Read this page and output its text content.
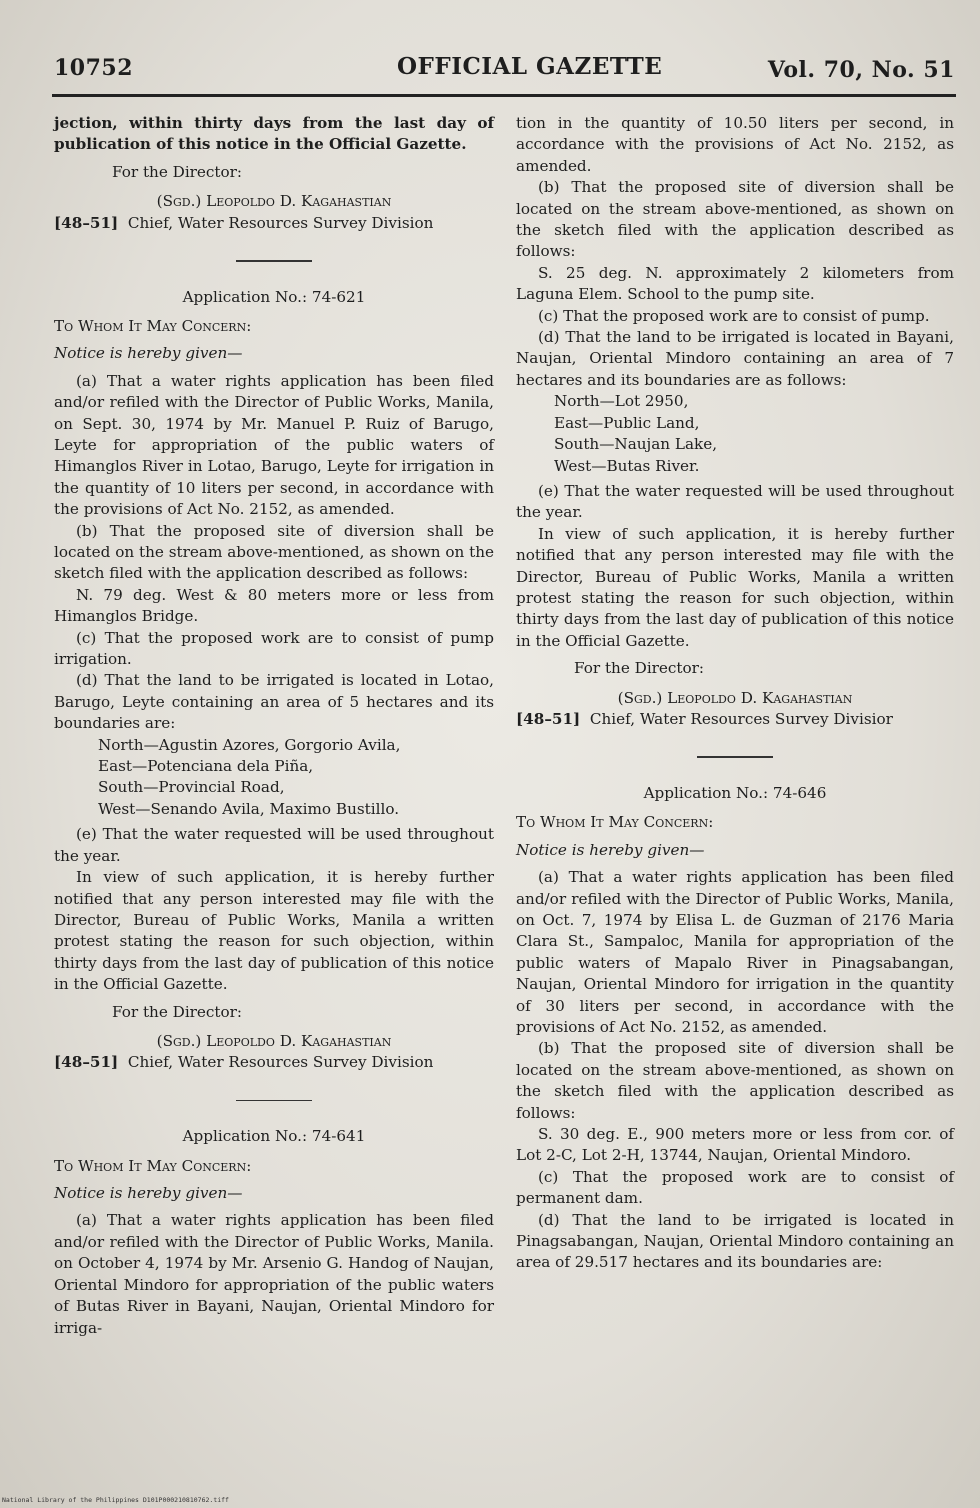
10752	OFFICIAL GAZETTE	Vol. 70, No. 51

jection, within thirty days from the last day of publication of this notice in the Official Gazette.

For the Director:

(Sgd.) Leopoldo D. Kagahastian

[48–51] Chief, Water Resources Survey Division

Application No.: 74-621

To Whom It May Concern:

Notice is hereby given—

(a) That a water rights application has been filed and/or refiled with the Director of Public Works, Manila, on Sept. 30, 1974 by Mr. Manuel P. Ruiz of Barugo, Leyte for appropriation of the public waters of Himanglos River in Lotao, Barugo, Leyte for irrigation in the quantity of 10 liters per second, in accordance with the provisions of Act No. 2152, as amended.

(b) That the proposed site of diversion shall be located on the stream above-mentioned, as shown on the sketch filed with the application described as follows:

N. 79 deg. West & 80 meters more or less from Himanglos Bridge.

(c) That the proposed work are to consist of pump irrigation.

(d) That the land to be irrigated is located in Lotao, Barugo, Leyte containing an area of 5 hectares and its boundaries are:

North—Agustin Azores, Gorgorio Avila,

East—Potenciana dela Piña,

South—Provincial Road,

West—Senando Avila, Maximo Bustillo.

(e) That the water requested will be used throughout the year.

In view of such application, it is hereby further notified that any person interested may file with the Director, Bureau of Public Works, Manila a written protest stating the reason for such objection, within thirty days from the last day of publication of this notice in the Official Gazette.

For the Director:

(Sgd.) Leopoldo D. Kagahastian

[48–51] Chief, Water Resources Survey Division

Application No.: 74-641

To Whom It May Concern:

Notice is hereby given—

(a) That a water rights application has been filed and/or refiled with the Director of Public Works, Manila. on October 4, 1974 by Mr. Arsenio G. Handog of Naujan, Oriental Mindoro for appropriation of the public waters of Butas River in Bayani, Naujan, Oriental Mindoro for irriga-

tion in the quantity of 10.50 liters per second, in accordance with the provisions of Act No. 2152, as amended.

(b) That the proposed site of diversion shall be located on the stream above-mentioned, as shown on the sketch filed with the application described as follows:

S. 25 deg. N. approximately 2 kilometers from Laguna Elem. School to the pump site.

(c) That the proposed work are to consist of pump.

(d) That the land to be irrigated is located in Bayani, Naujan, Oriental Mindoro containing an area of 7 hectares and its boundaries are as follows:

North—Lot 2950,

East—Public Land,

South—Naujan Lake,

West—Butas River.

(e) That the water requested will be used throughout the year.

In view of such application, it is hereby further notified that any person interested may file with the Director, Bureau of Public Works, Manila a written protest stating the reason for such objection, within thirty days from the last day of publication of this notice in the Official Gazette.

For the Director:

(Sgd.) Leopoldo D. Kagahastian

[48–51] Chief, Water Resources Survey Divisior

Application No.: 74-646

To Whom It May Concern:

Notice is hereby given—

(a) That a water rights application has been filed and/or refiled with the Director of Public Works, Manila, on Oct. 7, 1974 by Elisa L. de Guzman of 2176 Maria Clara St., Sampaloc, Manila for appropriation of the public waters of Mapalo River in Pinagsabangan, Naujan, Oriental Mindoro for irrigation in the quantity of 30 liters per second, in accordance with the provisions of Act No. 2152, as amended.

(b) That the proposed site of diversion shall be located on the stream above-mentioned, as shown on the sketch filed with the application described as follows:

S. 30 deg. E., 900 meters more or less from cor. of Lot 2-C, Lot 2-H, 13744, Naujan, Oriental Mindoro.

(c) That the proposed work are to consist of permanent dam.

(d) That the land to be irrigated is located in Pinagsabangan, Naujan, Oriental Mindoro containing an area of 29.517 hectares and its boundaries are:

National Library of the Philippines D101P000210810762.tiff
